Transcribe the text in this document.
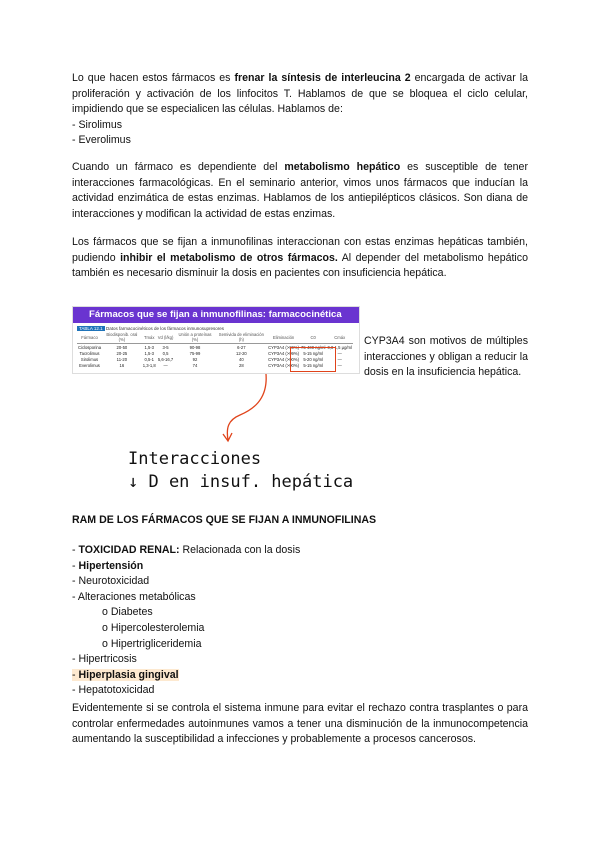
Lo que hacen estos fármacos es frenar la síntesis de interleucina 2 encargada de activar la proliferación y activación de los linfocitos T. Hablamos de que se bloquea el ciclo celular, impidiendo que se especialicen las células. Hablamos de:
- Sirolimus
- Everolimus
Cuando un fármaco es dependiente del metabolismo hepático es susceptible de tener interacciones farmacológicas. En el seminario anterior, vimos unos fármacos que inducían la actividad enzimática de estas enzimas. Hablamos de los antiepilépticos clásicos. Son diana de interacciones y modifican la actividad de estas enzimas.
Los fármacos que se fijan a inmunofilinas interaccionan con estas enzimas hepáticas también, pudiendo inhibir el metabolismo de otros fármacos. Al depender del metabolismo hepático también es necesario disminuir la dosis en pacientes con insuficiencia hepática.
Fármacos que se fijan a inmunofilinas: farmacocinética
TABLA 12.1 Datos farmacocinéticos de los fármacos inmunosupresores
Fármaco	Biodisponib. oral (%)	Tmáx	Vd (l/kg)	Unión a proteínas (%)	Semivida de eliminación (h)	Eliminación	C0	Cmáx
Ciclosporina	20-50	1,5-3	3-5	90-98	6-27	CYP3A4 (>90%)	75-400 ng/ml	0,8-1,5 µg/ml
Tacrolimus	20-25	1,5-3	0,5	75-99	12-20	CYP3A4 (>99%)	5-15 ng/ml	—
Sirolimus	11-20	0,5-1	5,6-16,7	92	40	CYP3A4 (>90%)	5-20 ng/ml	—
Everolimus	16	1,3-1,8	—	74	28	CYP3A4 (>90%)	5-15 ng/ml	—
CYP3A4 son motivos de múltiples interacciones y obligan a reducir la dosis en la insuficiencia hepática.
Interacciones
↓ D en insuf. hepática
RAM DE LOS FÁRMACOS QUE SE FIJAN A INMUNOFILINAS
- TOXICIDAD RENAL: Relacionada con la dosis
- Hipertensión
- Neurotoxicidad
- Alteraciones metabólicas
o Diabetes
o Hipercolesterolemia
o Hipertrigliceridemia
- Hipertricosis
- Hiperplasia gingival
- Hepatotoxicidad
Evidentemente si se controla el sistema inmune para evitar el rechazo contra trasplantes o para controlar enfermedades autoinmunes vamos a tener una disminución de la inmunocompetencia aumentando la susceptibilidad a infecciones y probablemente a procesos cancerosos.
